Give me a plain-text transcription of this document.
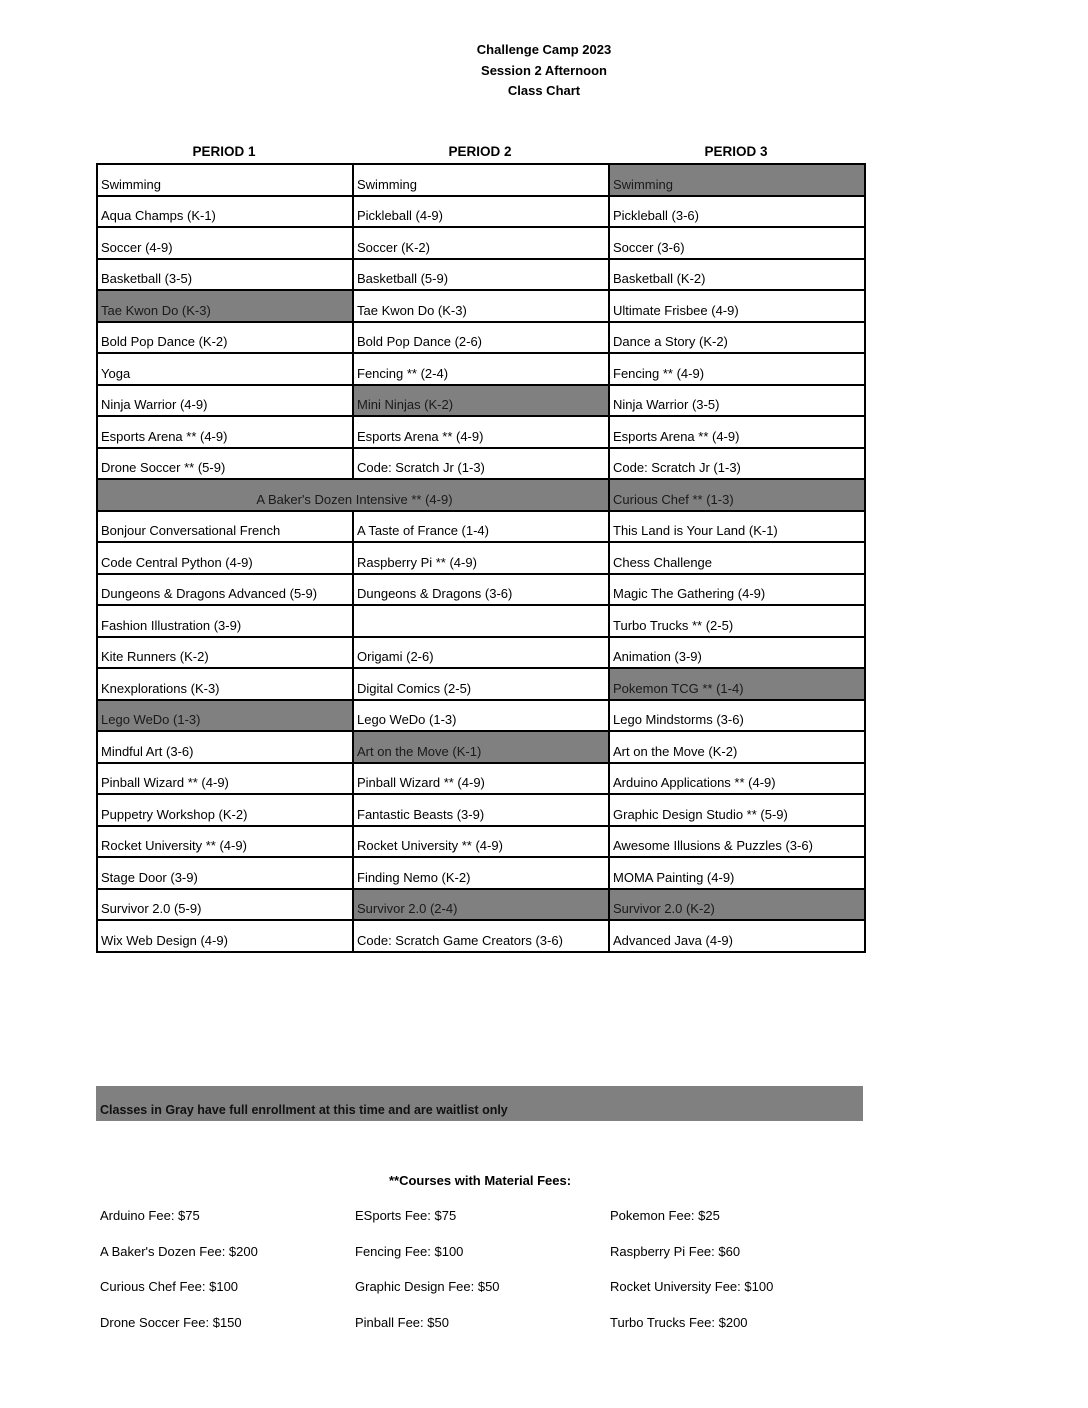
Challenge Camp 2023
Session 2 Afternoon
Class Chart
PERIOD 1	PERIOD 2	PERIOD 3
Swimming	Swimming	Swimming
Aqua Champs (K-1)	Pickleball (4-9)	Pickleball (3-6)
Soccer (4-9)	Soccer (K-2)	Soccer (3-6)
Basketball (3-5)	Basketball (5-9)	Basketball (K-2)
Tae Kwon Do (K-3)	Tae Kwon Do (K-3)	Ultimate Frisbee (4-9)
Bold Pop Dance (K-2)	Bold Pop Dance (2-6)	Dance a Story (K-2)
Yoga	Fencing ** (2-4)	Fencing ** (4-9)
Ninja Warrior (4-9)	Mini Ninjas (K-2)	Ninja Warrior (3-5)
Esports Arena ** (4-9)	Esports Arena ** (4-9)	Esports Arena ** (4-9)
Drone Soccer ** (5-9)	Code: Scratch Jr (1-3)	Code: Scratch Jr (1-3)
A Baker's Dozen Intensive ** (4-9)		Curious Chef ** (1-3)
Bonjour Conversational French	A Taste of France (1-4)	This Land is Your Land (K-1)
Code Central Python (4-9)	Raspberry Pi ** (4-9)	Chess Challenge
Dungeons & Dragons Advanced (5-9)	Dungeons & Dragons (3-6)	Magic The Gathering (4-9)
Fashion Illustration (3-9)		Turbo Trucks ** (2-5)
Kite Runners (K-2)	Origami (2-6)	Animation (3-9)
Knexplorations (K-3)	Digital Comics (2-5)	Pokemon TCG ** (1-4)
Lego WeDo (1-3)	Lego WeDo (1-3)	Lego Mindstorms (3-6)
Mindful Art (3-6)	Art on the Move (K-1)	Art on the Move (K-2)
Pinball Wizard ** (4-9)	Pinball Wizard ** (4-9)	Arduino Applications ** (4-9)
Puppetry Workshop (K-2)	Fantastic Beasts (3-9)	Graphic Design Studio ** (5-9)
Rocket University ** (4-9)	Rocket University ** (4-9)	Awesome Illusions & Puzzles (3-6)
Stage Door (3-9)	Finding Nemo (K-2)	MOMA Painting (4-9)
Survivor 2.0 (5-9)	Survivor 2.0 (2-4)	Survivor 2.0 (K-2)
Wix Web Design (4-9)	Code: Scratch Game Creators (3-6)	Advanced Java (4-9)
Classes in Gray have full enrollment at this time and are waitlist only
**Courses with Material Fees:
Arduino Fee: $75	ESports Fee: $75	Pokemon Fee: $25
A Baker's Dozen Fee: $200	Fencing Fee: $100	Raspberry Pi Fee: $60
Curious Chef Fee: $100	Graphic Design Fee: $50	Rocket University Fee: $100
Drone Soccer Fee: $150	Pinball Fee: $50	Turbo Trucks Fee: $200
